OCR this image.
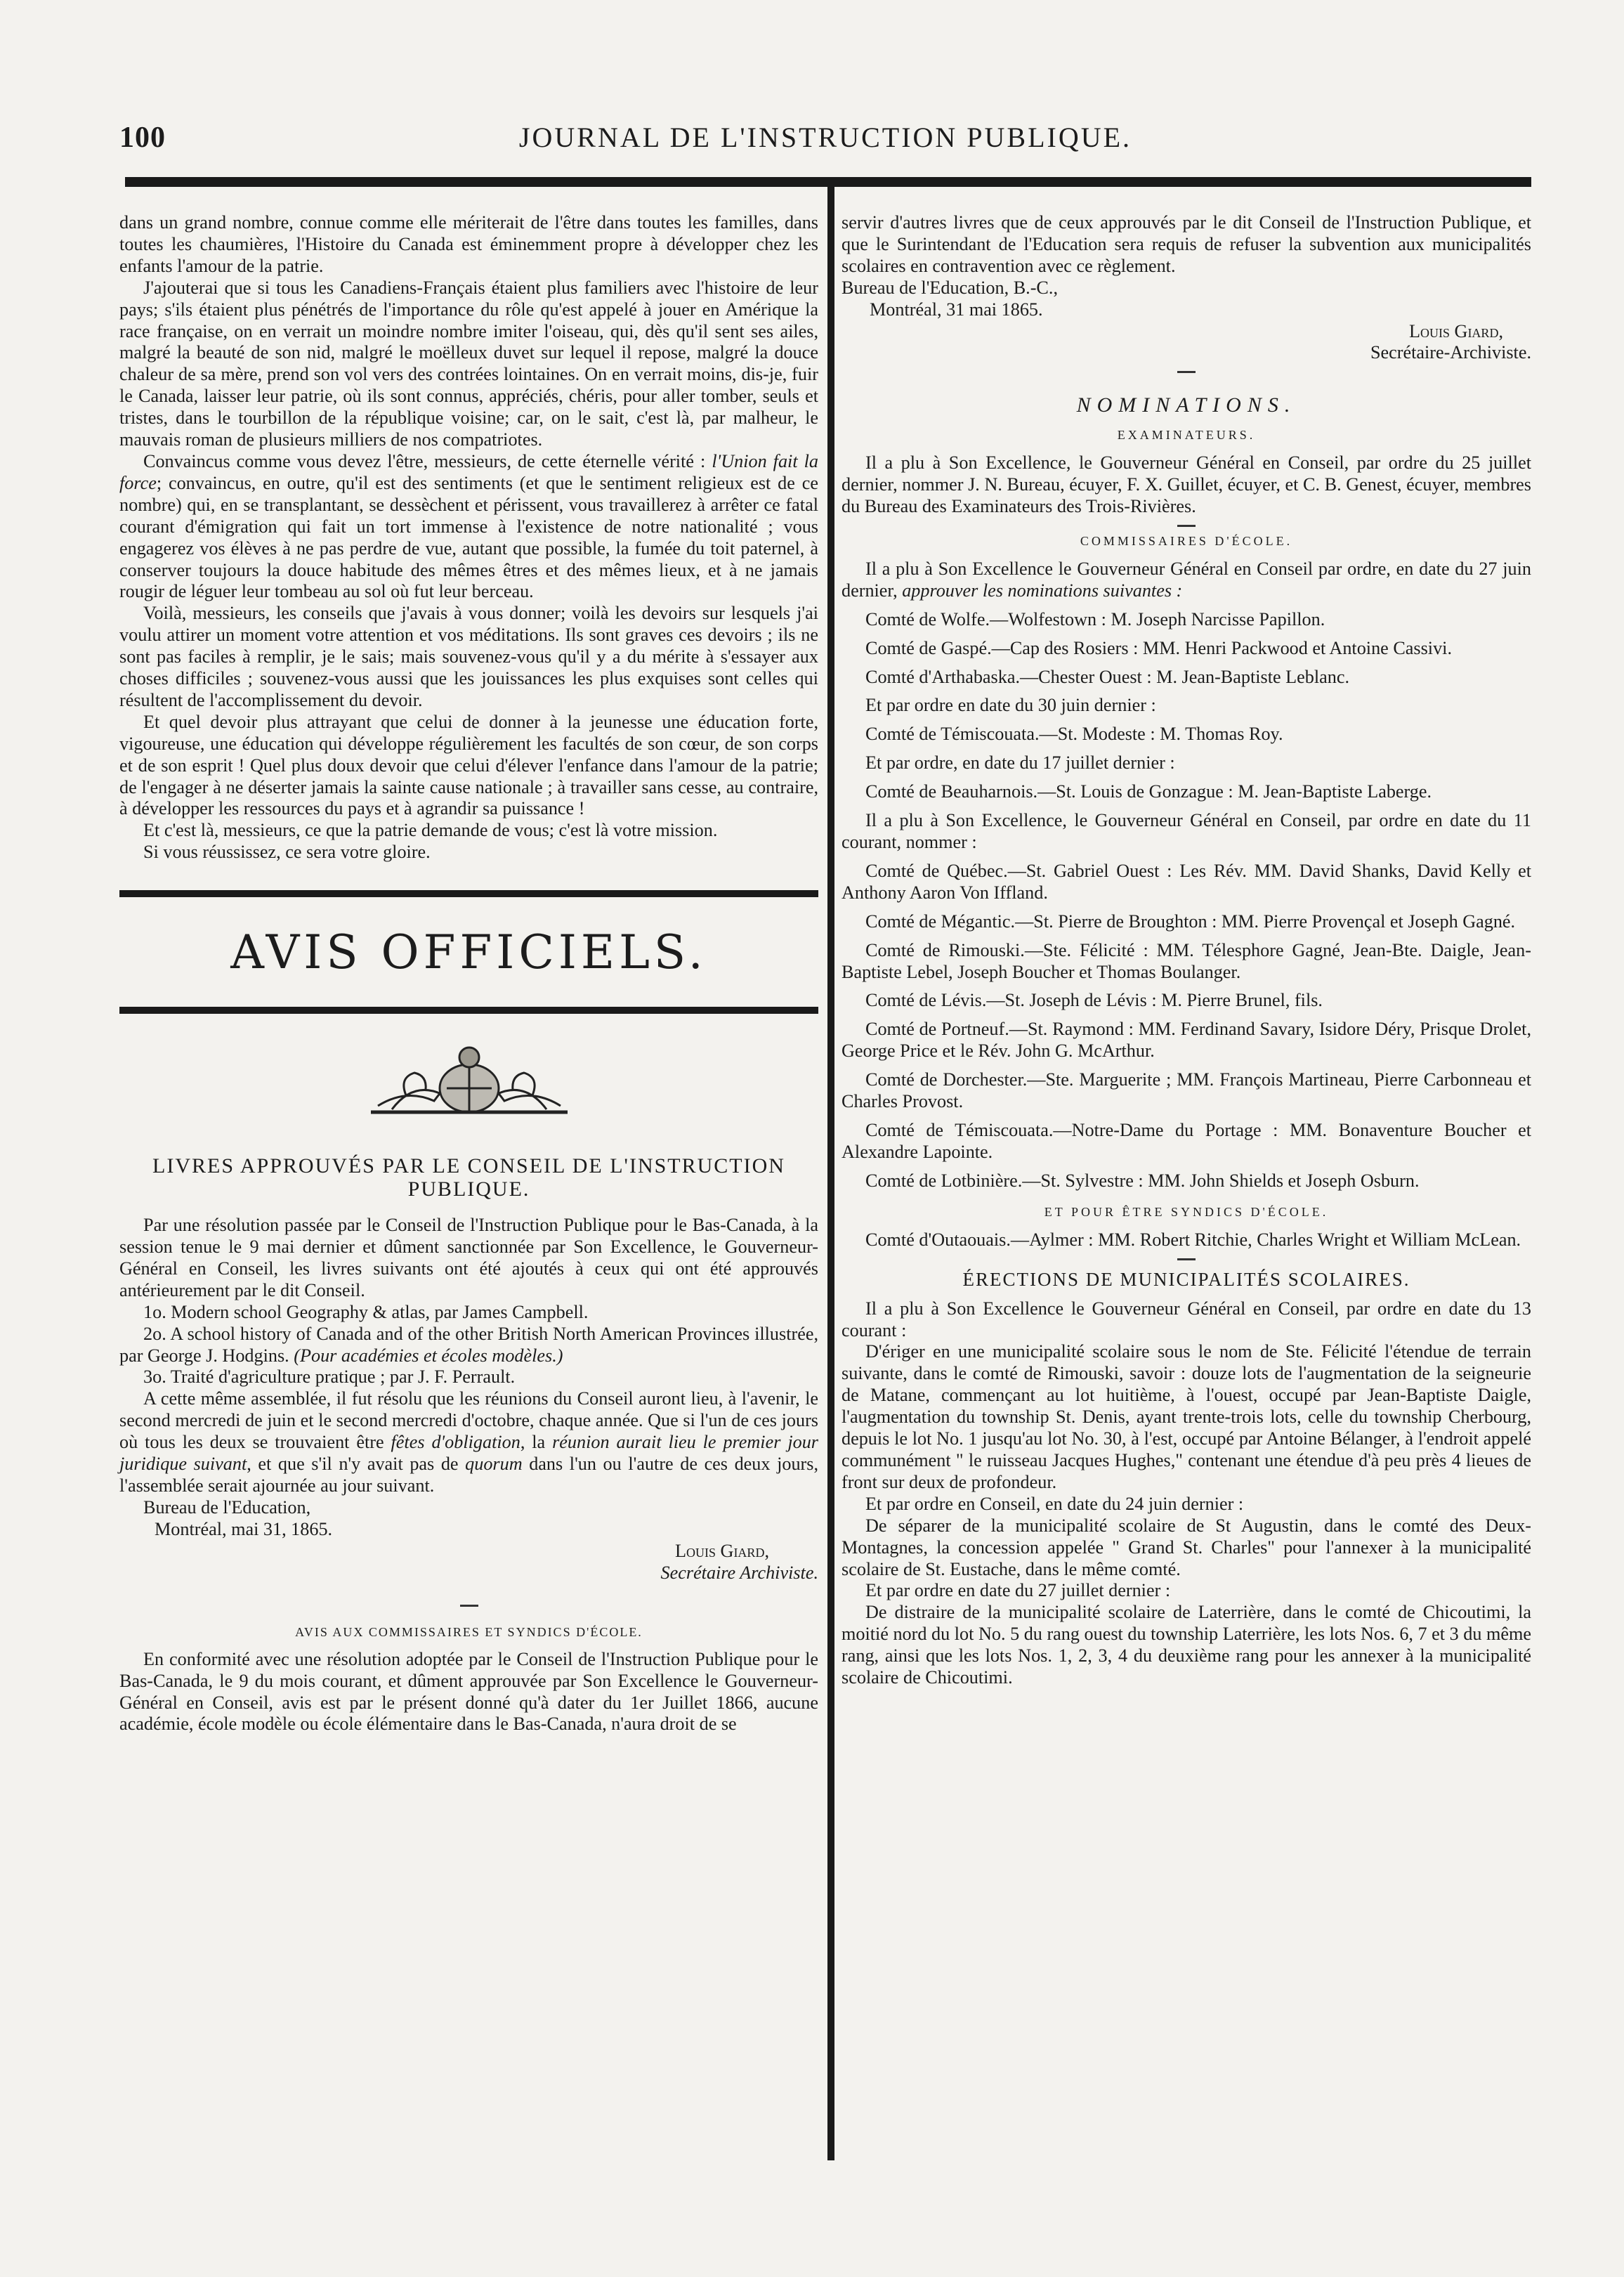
100	JOURNAL DE L'INSTRUCTION PUBLIQUE.

dans un grand nombre, connue comme elle mériterait de l'être dans toutes les familles, dans toutes les chaumières, l'Histoire du Canada est éminemment propre à développer chez les enfants l'amour de la patrie.

J'ajouterai que si tous les Canadiens-Français étaient plus familiers avec l'histoire de leur pays; s'ils étaient plus pénétrés de l'importance du rôle qu'est appelé à jouer en Amérique la race française, on en verrait un moindre nombre imiter l'oiseau, qui, dès qu'il sent ses ailes, malgré la beauté de son nid, malgré le moëlleux duvet sur lequel il repose, malgré la douce chaleur de sa mère, prend son vol vers des contrées lointaines. On en verrait moins, dis-je, fuir le Canada, laisser leur patrie, où ils sont connus, appréciés, chéris, pour aller tomber, seuls et tristes, dans le tourbillon de la république voisine; car, on le sait, c'est là, par malheur, le mauvais roman de plusieurs milliers de nos compatriotes.

Convaincus comme vous devez l'être, messieurs, de cette éternelle vérité : l'Union fait la force; convaincus, en outre, qu'il est des sentiments (et que le sentiment religieux est de ce nombre) qui, en se transplantant, se dessèchent et périssent, vous travaillerez à arrêter ce fatal courant d'émigration qui fait un tort immense à l'existence de notre nationalité ; vous engagerez vos élèves à ne pas perdre de vue, autant que possible, la fumée du toit paternel, à conserver toujours la douce habitude des mêmes êtres et des mêmes lieux, et à ne jamais rougir de léguer leur tombeau au sol où fut leur berceau.

Voilà, messieurs, les conseils que j'avais à vous donner; voilà les devoirs sur lesquels j'ai voulu attirer un moment votre attention et vos méditations. Ils sont graves ces devoirs ; ils ne sont pas faciles à remplir, je le sais; mais souvenez-vous qu'il y a du mérite à s'essayer aux choses difficiles ; souvenez-vous aussi que les jouissances les plus exquises sont celles qui résultent de l'accomplissement du devoir.

Et quel devoir plus attrayant que celui de donner à la jeunesse une éducation forte, vigoureuse, une éducation qui développe régulièrement les facultés de son cœur, de son corps et de son esprit ! Quel plus doux devoir que celui d'élever l'enfance dans l'amour de la patrie; de l'engager à ne déserter jamais la sainte cause nationale ; à travailler sans cesse, au contraire, à développer les ressources du pays et à agrandir sa puissance !

Et c'est là, messieurs, ce que la patrie demande de vous; c'est là votre mission.

Si vous réussissez, ce sera votre gloire.

AVIS OFFICIELS.
LIVRES APPROUVÉS PAR LE CONSEIL DE L'INSTRUCTION PUBLIQUE.

Par une résolution passée par le Conseil de l'Instruction Publique pour le Bas-Canada, à la session tenue le 9 mai dernier et dûment sanctionnée par Son Excellence, le Gouverneur-Général en Conseil, les livres suivants ont été ajoutés à ceux qui ont été approuvés antérieurement par le dit Conseil.

1o. Modern school Geography & atlas, par James Campbell.

2o. A school history of Canada and of the other British North American Provinces illustrée, par George J. Hodgins. (Pour académies et écoles modèles.)

3o. Traité d'agriculture pratique ; par J. F. Perrault.

A cette même assemblée, il fut résolu que les réunions du Conseil auront lieu, à l'avenir, le second mercredi de juin et le second mercredi d'octobre, chaque année. Que si l'un de ces jours où tous les deux se trouvaient être fêtes d'obligation, la réunion aurait lieu le premier jour juridique suivant, et que s'il n'y avait pas de quorum dans l'un ou l'autre de ces deux jours, l'assemblée serait ajournée au jour suivant.

Bureau de l'Education,

Montréal, mai 31, 1865.

Louis Giard,

Secrétaire Archiviste.

AVIS AUX COMMISSAIRES ET SYNDICS D'ÉCOLE.

En conformité avec une résolution adoptée par le Conseil de l'Instruction Publique pour le Bas-Canada, le 9 du mois courant, et dûment approuvée par Son Excellence le Gouverneur-Général en Conseil, avis est par le présent donné qu'à dater du 1er Juillet 1866, aucune académie, école modèle ou école élémentaire dans le Bas-Canada, n'aura droit de se

servir d'autres livres que de ceux approuvés par le dit Conseil de l'Instruction Publique, et que le Surintendant de l'Education sera requis de refuser la subvention aux municipalités scolaires en contravention avec ce règlement.

Bureau de l'Education, B.-C.,

Montréal, 31 mai 1865.

Louis Giard,

Secrétaire-Archiviste.

NOMINATIONS.
EXAMINATEURS.

Il a plu à Son Excellence, le Gouverneur Général en Conseil, par ordre du 25 juillet dernier, nommer J. N. Bureau, écuyer, F. X. Guillet, écuyer, et C. B. Genest, écuyer, membres du Bureau des Examinateurs des Trois-Rivières.

COMMISSAIRES D'ÉCOLE.

Il a plu à Son Excellence le Gouverneur Général en Conseil par ordre, en date du 27 juin dernier, approuver les nominations suivantes :

Comté de Wolfe.—Wolfestown : M. Joseph Narcisse Papillon.

Comté de Gaspé.—Cap des Rosiers : MM. Henri Packwood et Antoine Cassivi.

Comté d'Arthabaska.—Chester Ouest : M. Jean-Baptiste Leblanc.

Et par ordre en date du 30 juin dernier :

Comté de Témiscouata.—St. Modeste : M. Thomas Roy.

Et par ordre, en date du 17 juillet dernier :

Comté de Beauharnois.—St. Louis de Gonzague : M. Jean-Baptiste Laberge.

Il a plu à Son Excellence, le Gouverneur Général en Conseil, par ordre en date du 11 courant, nommer :

Comté de Québec.—St. Gabriel Ouest : Les Rév. MM. David Shanks, David Kelly et Anthony Aaron Von Iffland.

Comté de Mégantic.—St. Pierre de Broughton : MM. Pierre Provençal et Joseph Gagné.

Comté de Rimouski.—Ste. Félicité : MM. Télesphore Gagné, Jean-Bte. Daigle, Jean-Baptiste Lebel, Joseph Boucher et Thomas Boulanger.

Comté de Lévis.—St. Joseph de Lévis : M. Pierre Brunel, fils.

Comté de Portneuf.—St. Raymond : MM. Ferdinand Savary, Isidore Déry, Prisque Drolet, George Price et le Rév. John G. McArthur.

Comté de Dorchester.—Ste. Marguerite ; MM. François Martineau, Pierre Carbonneau et Charles Provost.

Comté de Témiscouata.—Notre-Dame du Portage : MM. Bonaventure Boucher et Alexandre Lapointe.

Comté de Lotbinière.—St. Sylvestre : MM. John Shields et Joseph Osburn.

ET POUR ÊTRE SYNDICS D'ÉCOLE.

Comté d'Outaouais.—Aylmer : MM. Robert Ritchie, Charles Wright et William McLean.

ÉRECTIONS DE MUNICIPALITÉS SCOLAIRES.

Il a plu à Son Excellence le Gouverneur Général en Conseil, par ordre en date du 13 courant :

D'ériger en une municipalité scolaire sous le nom de Ste. Félicité l'étendue de terrain suivante, dans le comté de Rimouski, savoir : douze lots de l'augmentation de la seigneurie de Matane, commençant au lot huitième, à l'ouest, occupé par Jean-Baptiste Daigle, l'augmentation du township St. Denis, ayant trente-trois lots, celle du township Cherbourg, depuis le lot No. 1 jusqu'au lot No. 30, à l'est, occupé par Antoine Bélanger, à l'endroit appelé communément " le ruisseau Jacques Hughes," contenant une étendue d'à peu près 4 lieues de front sur deux de profondeur.

Et par ordre en Conseil, en date du 24 juin dernier :

De séparer de la municipalité scolaire de St Augustin, dans le comté des Deux-Montagnes, la concession appelée " Grand St. Charles" pour l'annexer à la municipalité scolaire de St. Eustache, dans le même comté.

Et par ordre en date du 27 juillet dernier :

De distraire de la municipalité scolaire de Laterrière, dans le comté de Chicoutimi, la moitié nord du lot No. 5 du rang ouest du township Laterrière, les lots Nos. 6, 7 et 3 du même rang, ainsi que les lots Nos. 1, 2, 3, 4 du deuxième rang pour les annexer à la municipalité scolaire de Chicoutimi.
